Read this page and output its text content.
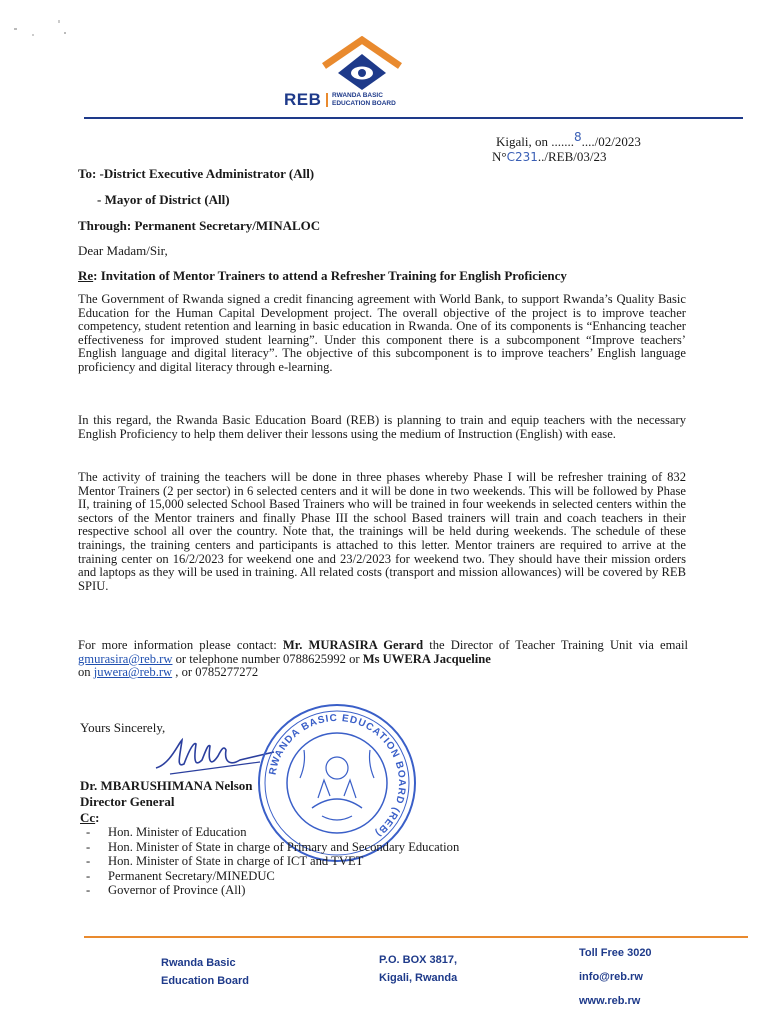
REB RWANDA BASIC
EDUCATION BOARD
Kigali, on .......8..../02/2023
N°C231../REB/03/23
To: -District Executive Administrator (All)
- Mayor of District (All)
Through: Permanent Secretary/MINALOC
Dear Madam/Sir,
Re: Invitation of Mentor Trainers to attend a Refresher Training for English Proficiency

The Government of Rwanda signed a credit financing agreement with World Bank, to support Rwanda’s Quality Basic Education for the Human Capital Development project. The overall objective of the project is to improve teacher competency, student retention and learning in basic education in Rwanda. One of its components is “Enhancing teacher effectiveness for improved student learning”. Under this component there is a subcomponent “Improve teachers’ English language and digital literacy”. The objective of this subcomponent is to improve teachers’ English language proficiency and digital literacy through e-learning.

In this regard, the Rwanda Basic Education Board (REB) is planning to train and equip teachers with the necessary English Proficiency to help them deliver their lessons using the medium of Instruction (English) with ease.

The activity of training the teachers will be done in three phases whereby Phase I will be refresher training of 832 Mentor Trainers (2 per sector) in 6 selected centers and it will be done in two weekends. This will be followed by Phase II, training of 15,000 selected School Based Trainers who will be trained in four weekends in selected centers within the sectors of the Mentor trainers and finally Phase III the school Based trainers will train and coach teachers in their respective school all over the country. Note that, the trainings will be held during weekends. The schedule of these trainings, the training centers and participants is attached to this letter. Mentor trainers are required to arrive at the training center on 16/2/2023 for weekend one and 23/2/2023 for weekend two. They should have their mission orders and laptops as they will be used in training. All related costs (transport and mission allowances) will be covered by REB SPIU.

For more information please contact: Mr. MURASIRA Gerard the Director of Teacher Training Unit via email gmurasira@reb.rw or telephone number 0788625992 or Ms UWERA Jacqueline
on juwera@reb.rw , or 0785277272

Yours Sincerely,
RWANDA BASIC EDUCATION BOARD (REB)
Dr. MBARUSHIMANA Nelson
Director General
Cc:
- Hon. Minister of Education
- Hon. Minister of State in charge of Primary and Secondary Education
- Hon. Minister of State in charge of ICT and TVET
- Permanent Secretary/MINEDUC
- Governor of Province (All)
Rwanda Basic
Education Board
P.O. BOX 3817,
Kigali, Rwanda
Toll Free 3020
info@reb.rw
www.reb.rw
